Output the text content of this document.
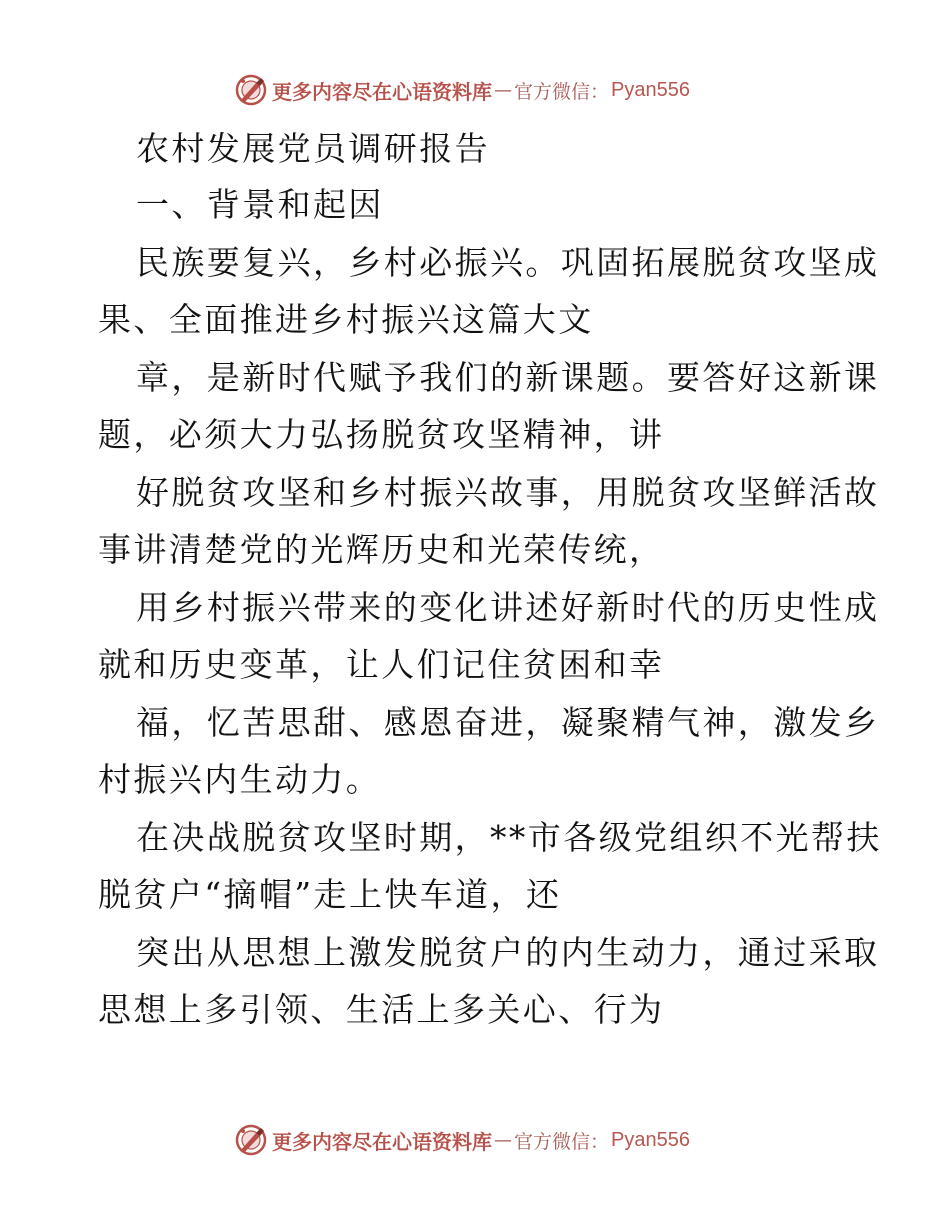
更多内容尽在心语资料库 — 官方微信： Pyan556
农村发展党员调研报告
一、背景和起因
民族要复兴，乡村必振兴。巩固拓展脱贫攻坚成
果、全面推进乡村振兴这篇大文
章，是新时代赋予我们的新课题。要答好这新课
题，必须大力弘扬脱贫攻坚精神，讲
好脱贫攻坚和乡村振兴故事，用脱贫攻坚鲜活故
事讲清楚党的光辉历史和光荣传统，
用乡村振兴带来的变化讲述好新时代的历史性成
就和历史变革，让人们记住贫困和幸
福，忆苦思甜、感恩奋进，凝聚精气神，激发乡
村振兴内生动力。
在决战脱贫攻坚时期，**市各级党组织不光帮扶
脱贫户“摘帽”走上快车道，还
突出从思想上激发脱贫户的内生动力，通过采取
思想上多引领、生活上多关心、行为
更多内容尽在心语资料库 — 官方微信： Pyan556
